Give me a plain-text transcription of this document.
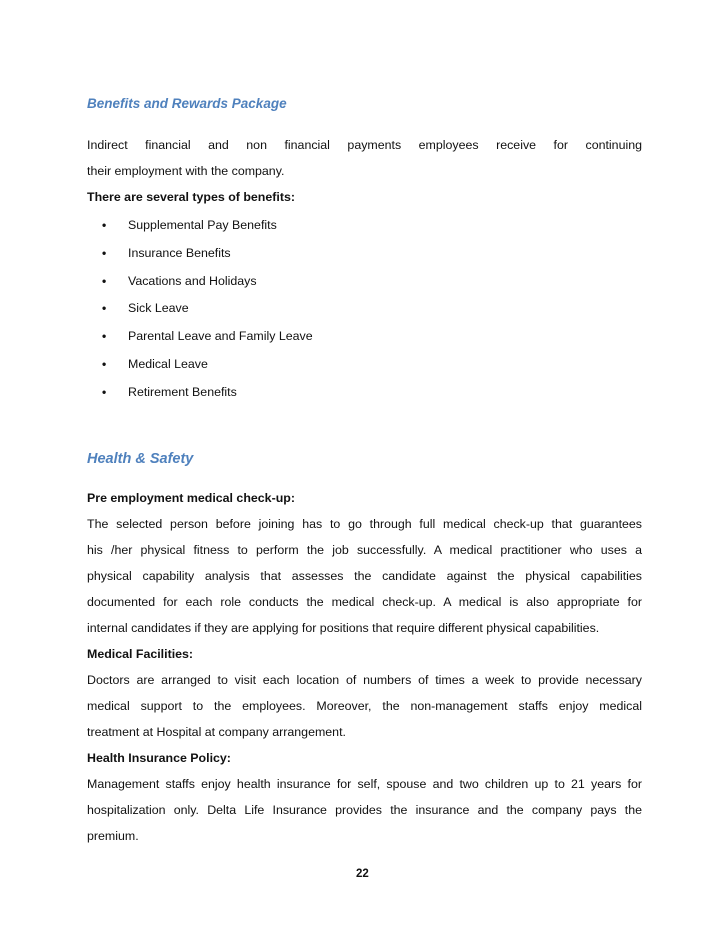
Benefits and Rewards Package
Indirect financial and non financial payments employees receive for continuing
their employment with the company.
There are several types of benefits:
• Supplemental Pay Benefits
• Insurance Benefits
• Vacations and Holidays
• Sick Leave
• Parental Leave and Family Leave
• Medical Leave
• Retirement Benefits
Health & Safety
Pre employment medical check-up:
The selected person before joining has to go through full medical check-up that guarantees
his /her physical fitness to perform the job successfully. A medical practitioner who uses a
physical capability analysis that assesses the candidate against the physical capabilities
documented for each role conducts the medical check-up. A medical is also appropriate for
internal candidates if they are applying for positions that require different physical capabilities.
Medical Facilities:
Doctors are arranged to visit each location of numbers of times a week to provide necessary
medical support to the employees. Moreover, the non-management staffs enjoy medical
treatment at Hospital at company arrangement.
Health Insurance Policy:
Management staffs enjoy health insurance for self, spouse and two children up to 21 years for
hospitalization only. Delta Life Insurance provides the insurance and the company pays the
premium.
22
